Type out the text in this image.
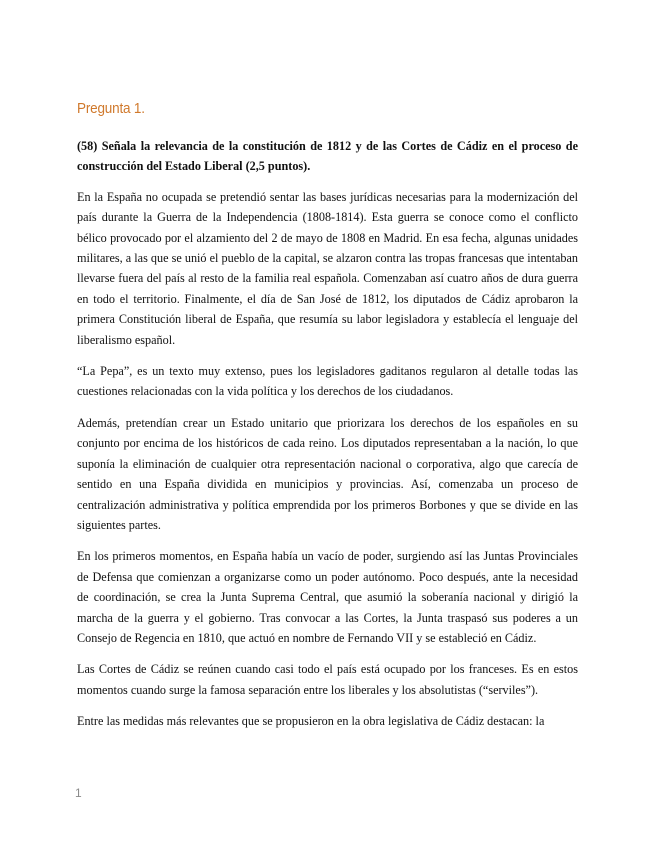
Pregunta 1.

(58) Señala la relevancia de la constitución de 1812 y de las Cortes de Cádiz en el proceso de construcción del Estado Liberal (2,5 puntos).

En la España no ocupada se pretendió sentar las bases jurídicas necesarias para la modernización del país durante la Guerra de la Independencia (1808-1814). Esta guerra se conoce como el conflicto bélico provocado por el alzamiento del 2 de mayo de 1808 en Madrid. En esa fecha, algunas unidades militares, a las que se unió el pueblo de la capital, se alzaron contra las tropas francesas que intentaban llevarse fuera del país al resto de la familia real española. Comenzaban así cuatro años de dura guerra en todo el territorio. Finalmente, el día de San José de 1812, los diputados de Cádiz aprobaron la primera Constitución liberal de España, que resumía su labor legisladora y establecía el lenguaje del liberalismo español.

“La Pepa”, es un texto muy extenso, pues los legisladores gaditanos regularon al detalle todas las cuestiones relacionadas con la vida política y los derechos de los ciudadanos.

Además, pretendían crear un Estado unitario que priorizara los derechos de los españoles en su conjunto por encima de los históricos de cada reino. Los diputados representaban a la nación, lo que suponía la eliminación de cualquier otra representación nacional o corporativa, algo que carecía de sentido en una España dividida en municipios y provincias. Así, comenzaba un proceso de centralización administrativa y política emprendida por los primeros Borbones y que se divide en las siguientes partes.

En los primeros momentos, en España había un vacío de poder, surgiendo así las Juntas Provinciales de Defensa que comienzan a organizarse como un poder autónomo. Poco después, ante la necesidad de coordinación, se crea la Junta Suprema Central, que asumió la soberanía nacional y dirigió la marcha de la guerra y el gobierno. Tras convocar a las Cortes, la Junta traspasó sus poderes a un Consejo de Regencia en 1810, que actuó en nombre de Fernando VII y se estableció en Cádiz.

Las Cortes de Cádiz se reúnen cuando casi todo el país está ocupado por los franceses. Es en estos momentos cuando surge la famosa separación entre los liberales y los absolutistas (“serviles”).

Entre las medidas más relevantes que se propusieron en la obra legislativa de Cádiz destacan: la

1
